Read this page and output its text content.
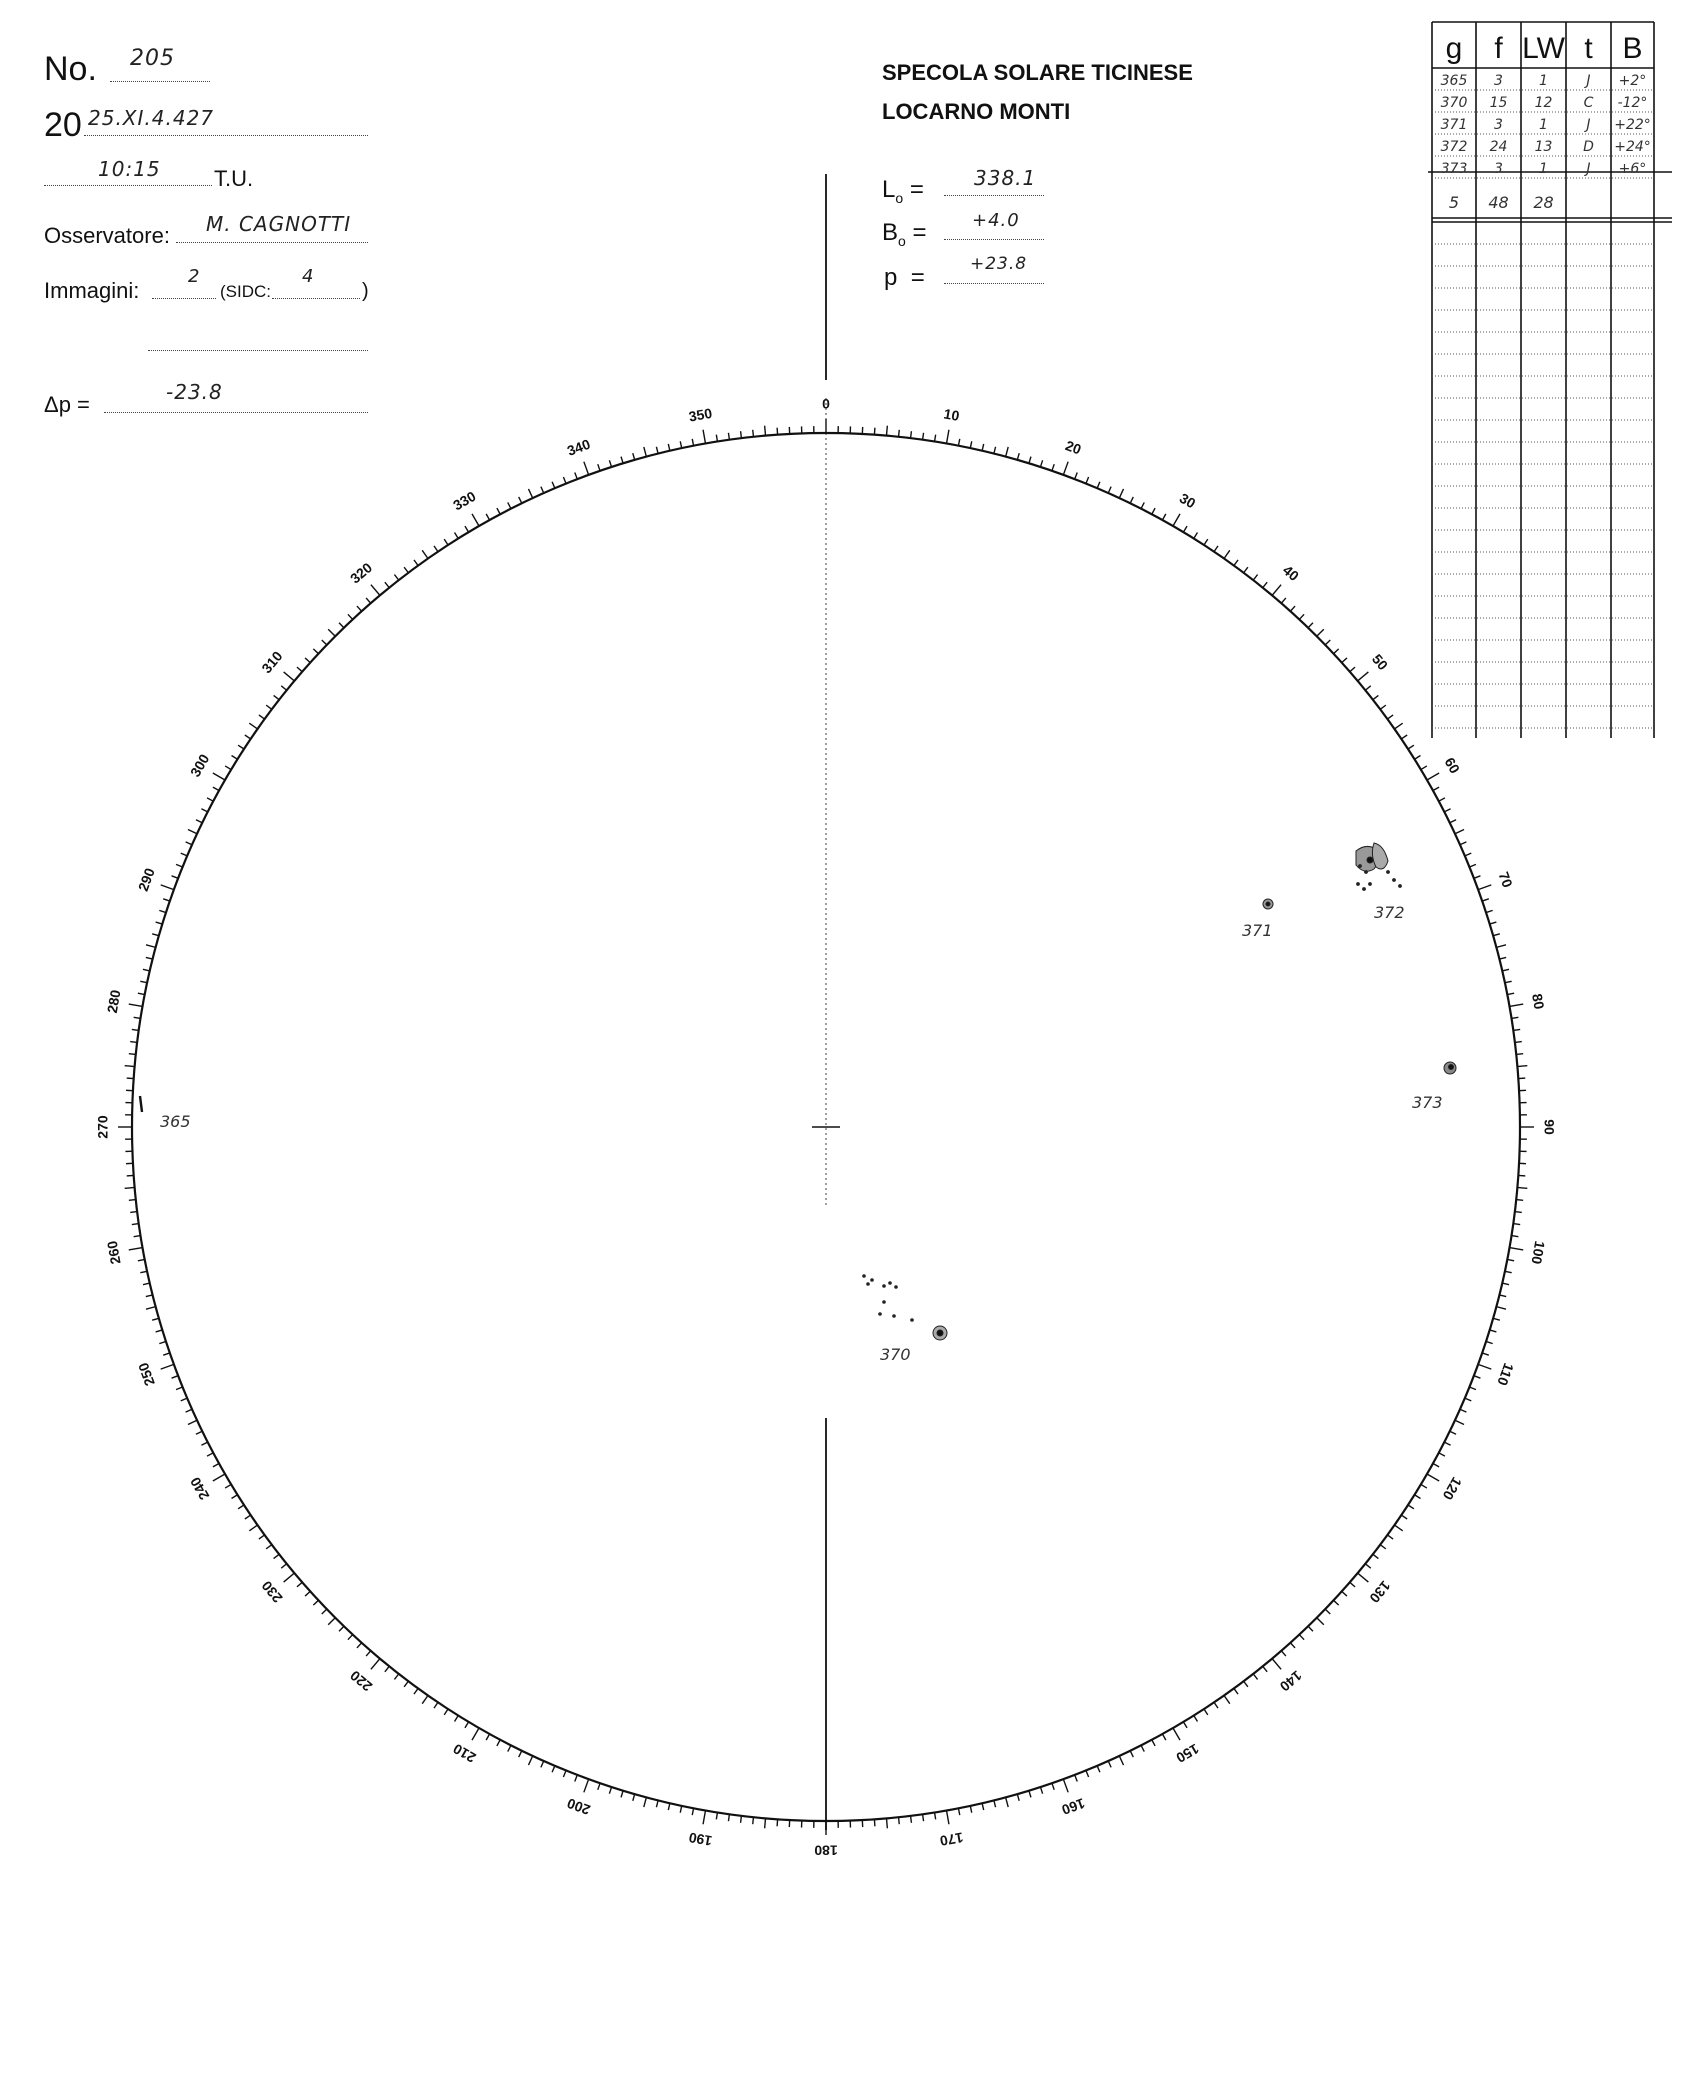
No. 205
20 25.XI.4.427
10:15 T.U.
Osservatore: M. CAGNOTTI
Immagini:
2
(SIDC:
4
)
Δp =	-23.8
SPECOLA SOLARE TICINESE
LOCARNO MONTI
$L_o$ =	338.1
$B_o$ =	+4.0
p =	+23.8
g f LW t B
365 3	1	J +2°
370 15 12 C -12°
371 3	1	J +22°
372 24 13 D +24°
373 3	1	J +6°
5 48 28
0
10
20
30
40
50
60
70
80
90
100
110
120
130
140
150
160
170
180
190
200
210
220
230
240
250
260
270
280
290
300
310
320
330
340
350
365
370
371
372
373
